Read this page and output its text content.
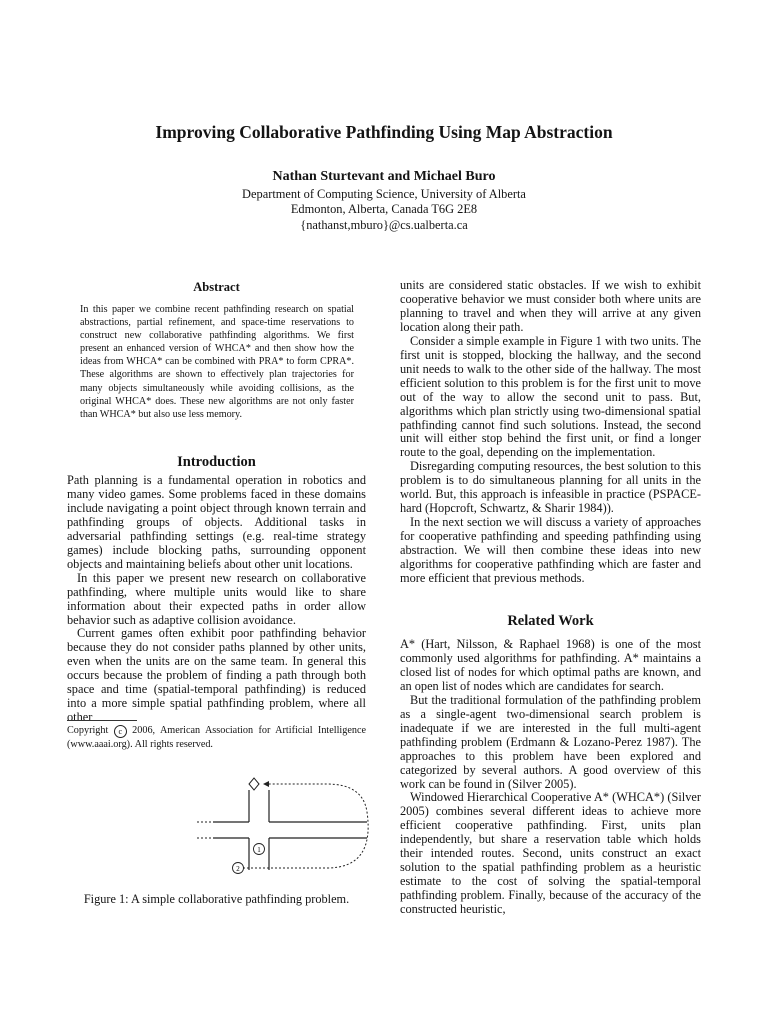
Improving Collaborative Pathfinding Using Map Abstraction
Nathan Sturtevant and Michael Buro
Department of Computing Science, University of Alberta
Edmonton, Alberta, Canada T6G 2E8
{nathanst,mburo}@cs.ualberta.ca
Abstract

In this paper we combine recent pathfinding research on spatial abstractions, partial refinement, and space-time reservations to construct new collaborative pathfinding algorithms. We first present an enhanced version of WHCA* and then show how the ideas from WHCA* can be combined with PRA* to form CPRA*. These algorithms are shown to effectively plan trajectories for many objects simultaneously while avoiding collisions, as the original WHCA* does. These new algorithms are not only faster than WHCA* but also use less memory.

Introduction

Path planning is a fundamental operation in robotics and many video games. Some problems faced in these domains include navigating a point object through known terrain and pathfinding groups of objects. Additional tasks in adversarial pathfinding settings (e.g. real-time strategy games) include blocking paths, surrounding opponent objects and maintaining beliefs about other unit locations.

In this paper we present new research on collaborative pathfinding, where multiple units would like to share information about their expected paths in order allow behavior such as adaptive collision avoidance.

Current games often exhibit poor pathfinding behavior because they do not consider paths planned by other units, even when the units are on the same team. In general this occurs because the problem of finding a path through both space and time (spatial-temporal pathfinding) is reduced into a more simple spatial pathfinding problem, where all other

Copyright c 2006, American Association for Artificial Intelligence (www.aaai.org). All rights reserved.

1
2
Figure 1: A simple collaborative pathfinding problem.

units are considered static obstacles. If we wish to exhibit cooperative behavior we must consider both where units are planning to travel and when they will arrive at any given location along their path.

Consider a simple example in Figure 1 with two units. The first unit is stopped, blocking the hallway, and the second unit needs to walk to the other side of the hallway. The most efficient solution to this problem is for the first unit to move out of the way to allow the second unit to pass. But, algorithms which plan strictly using two-dimensional spatial pathfinding cannot find such solutions. Instead, the second unit will either stop behind the first unit, or find a longer route to the goal, depending on the implementation.

Disregarding computing resources, the best solution to this problem is to do simultaneous planning for all units in the world. But, this approach is infeasible in practice (PSPACE-hard (Hopcroft, Schwartz, & Sharir 1984)).

In the next section we will discuss a variety of approaches for cooperative pathfinding and speeding pathfinding using abstraction. We will then combine these ideas into new algorithms for cooperative pathfinding which are faster and more efficient that previous methods.

Related Work

A* (Hart, Nilsson, & Raphael 1968) is one of the most commonly used algorithms for pathfinding. A* maintains a closed list of nodes for which optimal paths are known, and an open list of nodes which are candidates for search.

But the traditional formulation of the pathfinding problem as a single-agent two-dimensional search problem is inadequate if we are interested in the full multi-agent pathfinding problem (Erdmann & Lozano-Perez 1987). The approaches to this problem have been explored and categorized by several authors. A good overview of this work can be found in (Silver 2005).

Windowed Hierarchical Cooperative A* (WHCA*) (Silver 2005) combines several different ideas to achieve more efficient cooperative pathfinding. First, units plan independently, but share a reservation table which holds their intended routes. Second, units construct an exact solution to the spatial pathfinding problem as a heuristic estimate to the cost of solving the spatial-temporal pathfinding problem. Finally, because of the accuracy of the constructed heuristic,
